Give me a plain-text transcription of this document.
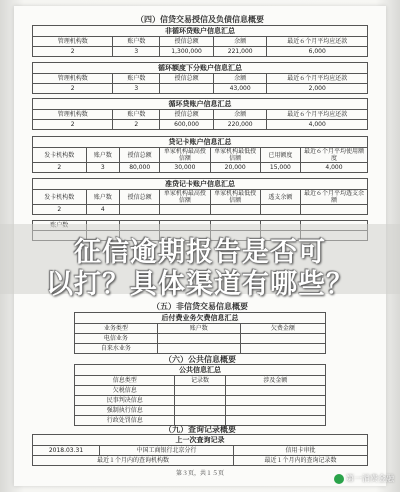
（四）信贷交易授信及负债信息概要
非循环贷账户信息汇总				
管理机构数	账户数	授信总额	余额	最近６个月平均应还款
2	3	1,300,000	221,000	6,000
循环额度下分账户信息汇总				
管理机构数	账户数	授信总额	余额	最近６个月平均应还款
2	3		43,000	2,000
循环贷账户信息汇总				
管理机构数	账户数	授信总额	余额	最近６个月平均应还款
2	2	600,000	220,000	4,000
贷记卡账户信息汇总						
发卡机构数	账户数	授信总额	单家机构最高授信额	单家机构最低授信额	已用额度	最近６个月平均使用额度
2	3	80,000	30,000	20,000	15,000	4,000
准贷记卡账户信息汇总						
发卡机构数	账户数	授信总额	单家机构最高授信额	单家机构最低授信额	透支余额	最近６个月平均透支余额
2	4					

（五）非信贷交易信息概要
后付费业务欠费信息汇总		
业务类型	账户数	欠费金额
电信业务		
自来水业务		
（六）公共信息概要
公共信息汇总		
信息类型	记录数	涉及金额
欠税信息		
民事判决信息		
强制执行信息		
行政处罚信息		
（九）查询记录概要
上一次查询记录		
2018.03.31	中国工商银行北京分行	信用卡审批
最近１个月内的查询机构数		最近１个月内的查询记录数
第３页，共１５页
征信逾期报告是否可
以打？具体渠道有哪些？
第一消费金融
